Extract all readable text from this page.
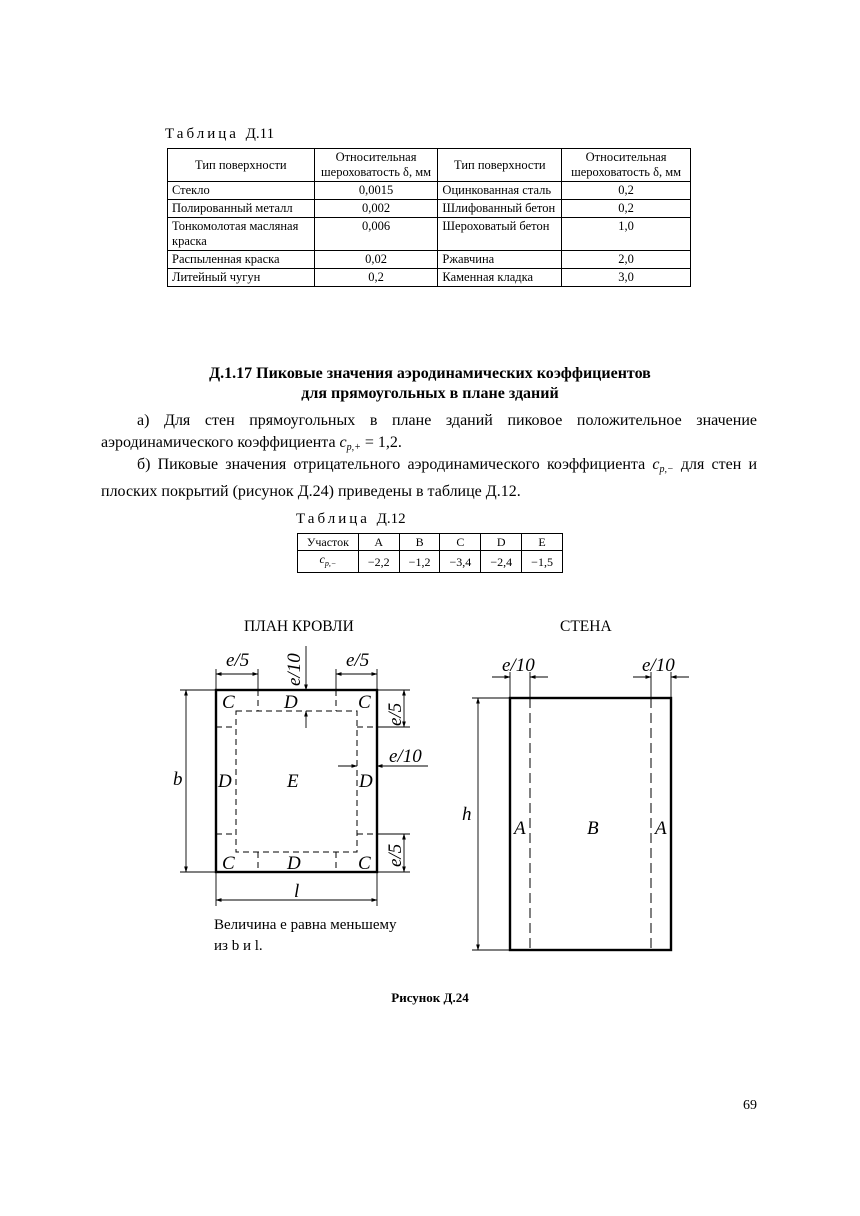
Таблица Д.11
Тип поверхности	Относительная шероховатость δ, мм	Тип поверхности	Относительная шероховатость δ, мм
Стекло	0,0015	Оцинкованная сталь	0,2
Полированный металл	0,002	Шлифованный бетон	0,2
Тонкомолотая масляная краска	0,006	Шероховатый бетон	1,0
Распыленная краска	0,02	Ржавчина	2,0
Литейный чугун	0,2	Каменная кладка	3,0
Д.1.17 Пиковые значения аэродинамических коэффициентов
для прямоугольных в плане зданий
а) Для стен прямоугольных в плане зданий пиковое положительное значение аэродинамического коэффициента $c_{p,+} = 1,2$.
б) Пиковые значения отрицательного аэродинамического коэффициента $c_{p,-}$ для стен и плоских покрытий (рисунок Д.24) приведены в таблице Д.12.
Таблица Д.12
Участок	A	B	C	D	E
$c_{p,-}$	−2,2	−1,2	−3,4	−2,4	−1,5
ПЛАН КРОВЛИ	СТЕНА
e/5	e/5
e/10
e/5
e/5
e/10
b
l
C	D	C
D	E	D
C	D	C
e/10	e/10
h
A	B	A
Величина e равна меньшему
из b и l.
Рисунок Д.24
69
